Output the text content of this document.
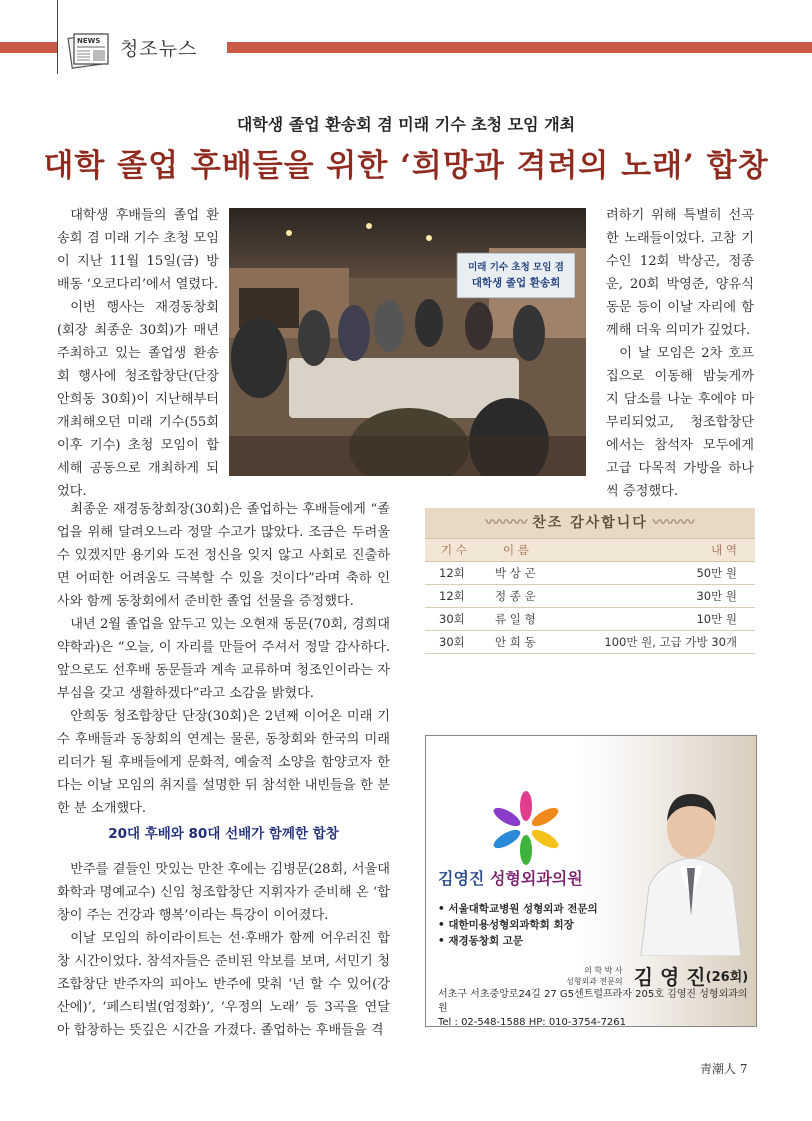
NEWS 청조뉴스
대학생 졸업 환송회 겸 미래 기수 초청 모임 개최
대학 졸업 후배들을 위한 ‘희망과 격려의 노래’ 합창

대학생 후배들의 졸업 환송회 겸 미래 기수 초청 모임이 지난 11월 15일(금) 방배동 ‘오코다리’에서 열렸다.

이번 행사는 재경동창회(회장 최종운 30회)가 매년 주최하고 있는 졸업생 환송회 행사에 청조합창단(단장 안희동 30회)이 지난해부터 개최해오던 미래 기수(55회 이후 기수) 초청 모임이 합세해 공동으로 개최하게 되었다.

미래 기수 초청 모임 겸
대학생 졸업 환송회

려하기 위해 특별히 선곡한 노래들이었다. 고참 기수인 12회 박상곤, 정종운, 20회 박영준, 양유식 동문 등이 이날 자리에 함께해 더욱 의미가 깊었다.

이 날 모임은 2차 호프집으로 이동해 밤늦게까지 담소를 나눈 후에야 마무리되었고, 청조합창단에서는 참석자 모두에게 고급 다목적 가방을 하나씩 증정했다.

최종운 재경동창회장(30회)은 졸업하는 후배들에게 “졸업을 위해 달려오느라 정말 수고가 많았다. 조금은 두려울 수 있겠지만 용기와 도전 정신을 잊지 않고 사회로 진출하면 어떠한 어려움도 극복할 수 있을 것이다”라며 축하 인사와 함께 동창회에서 준비한 졸업 선물을 증정했다.

내년 2월 졸업을 앞두고 있는 오현재 동문(70회, 경희대 약학과)은 “오늘, 이 자리를 만들어 주셔서 정말 감사하다. 앞으로도 선후배 동문들과 계속 교류하며 청조인이라는 자부심을 갖고 생활하겠다”라고 소감을 밝혔다.

안희동 청조합창단 단장(30회)은 2년째 이어온 미래 기수 후배들과 동창회의 연계는 물론, 동창회와 한국의 미래 리더가 될 후배들에게 문화적, 예술적 소양을 함양코자 한다는 이날 모임의 취지를 설명한 뒤 참석한 내빈들을 한 분 한 분 소개했다.

20대 후배와 80대 선배가 함께한 합창

반주를 곁들인 맛있는 만찬 후에는 김병문(28회, 서울대 화학과 명예교수) 신임 청조합창단 지휘자가 준비해 온 ‘합창이 주는 건강과 행복’이라는 특강이 이어졌다.

이날 모임의 하이라이트는 선·후배가 함께 어우러진 합창 시간이었다. 참석자들은 준비된 악보를 보며, 서민기 청조합창단 반주자의 피아노 반주에 맞춰 ‘넌 할 수 있어(강산에)’, ‘페스티벌(엄정화)’, ‘우정의 노래’ 등 3곡을 연달아 합창하는 뜻깊은 시간을 가졌다. 졸업하는 후배들을 격

〰〰〰 찬조 감사합니다 〰〰〰
기 수	이 름	내 역
12회	박 상 곤	50만 원
12회	정 종 운	30만 원
30회	류 일 형	10만 원
30회	안 희 동	100만 원, 고급 가방 30개
김영진 성형외과의원
• 서울대학교병원 성형외과 전문의
• 대한미용성형외과학회 회장
• 재경동창회 고문
의 학 박 사
성형외과 전문의 김 영 진(26회)
서초구 서초중앙로24길 27 G5센트럴프라자 205호 김영진 성형외과의원
Tel : 02-548-1588 HP: 010-3754-7261
靑潮人 7
